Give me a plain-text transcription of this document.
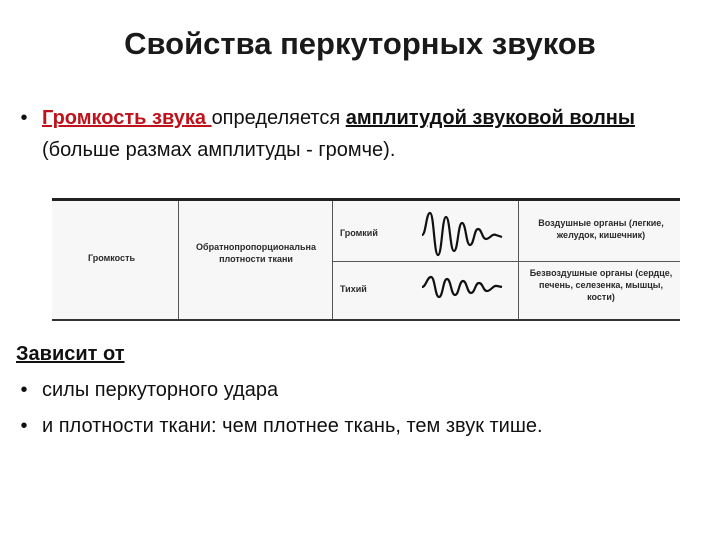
Свойства перкуторных звуков
• Громкость звука определяется амплитудой звуковой волны (больше размах амплитуды - громче).
Громкость
Обратнопропорциональна плотности ткани
Громкий
Тихий
Воздушные органы (легкие, желудок, кишечник)
Безвоздушные органы (сердце, печень, селезенка, мышцы, кости)
Зависит от
• силы перкуторного удара
• и плотности ткани: чем плотнее ткань, тем звук тише.
